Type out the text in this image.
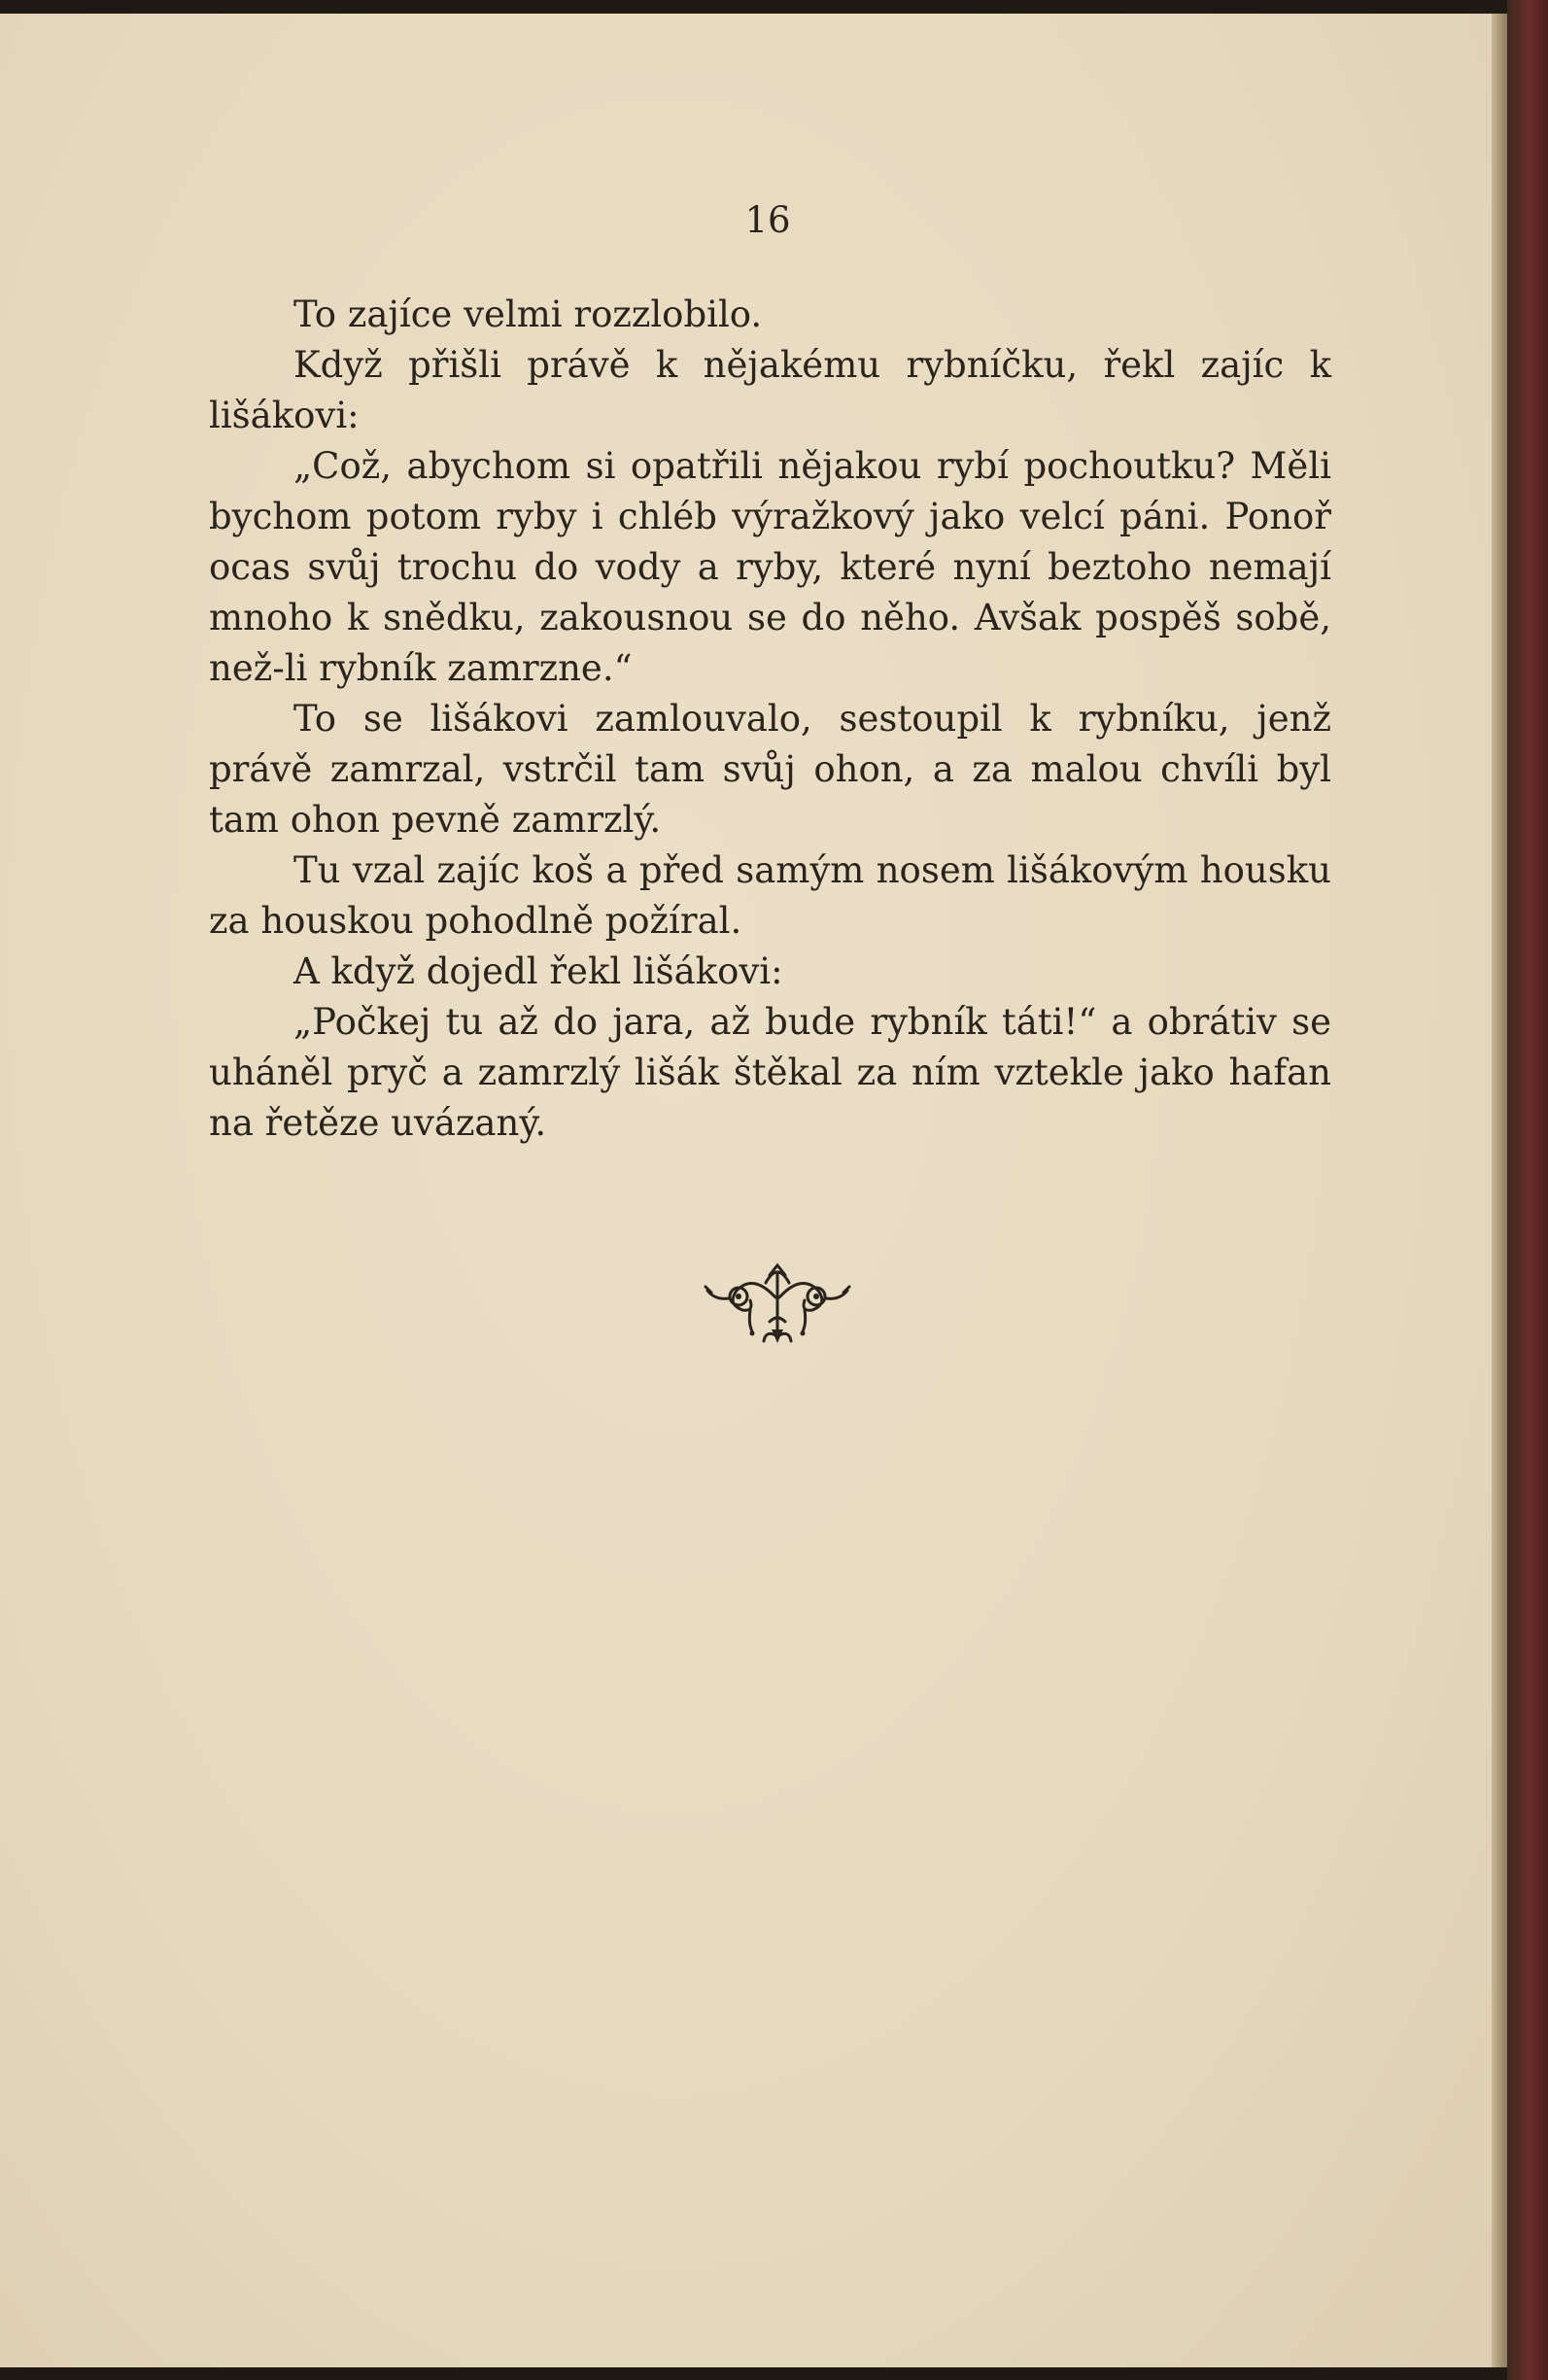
16

To zajíce velmi rozzlobilo.

Když přišli právě k nějakému rybníčku, řekl zajíc k lišákovi:

„Což, abychom si opatřili nějakou rybí pochoutku? Měli bychom potom ryby i chléb výražkový jako velcí páni. Ponoř ocas svůj trochu do vody a ryby, které nyní beztoho nemají mnoho k snědku, zakousnou se do něho. Avšak pospěš sobě, než-li rybník zamrzne.“

To se lišákovi zamlouvalo, sestoupil k rybníku, jenž právě zamrzal, vstrčil tam svůj ohon, a za malou chvíli byl tam ohon pevně zamrzlý.

Tu vzal zajíc koš a před samým nosem lišákovým housku za houskou pohodlně požíral.

A když dojedl řekl lišákovi:

„Počkej tu až do jara, až bude rybník táti!“ a obrátiv se uháněl pryč a zamrzlý lišák štěkal za ním vztekle jako hafan na řetěze uvázaný.
